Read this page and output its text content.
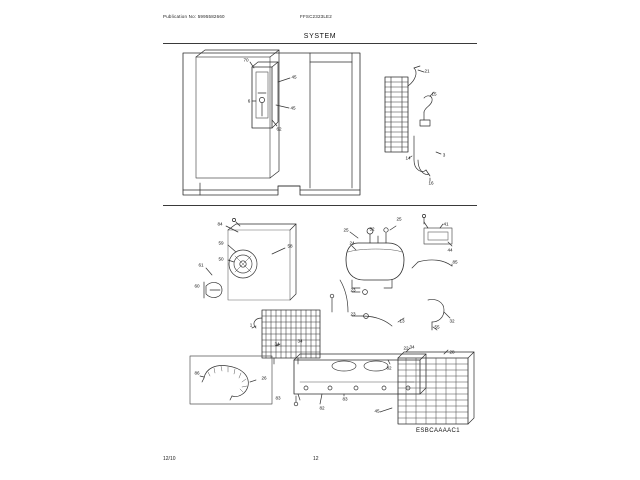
Publication No: 5995582660	FFSC2323LE2
SYSTEM
70
45
6
45
62
21
15
3
14
16
84
59
58
50
61
60
25
41
25	52
24
44
85
23
23
13
55
32
1
34
34
34
22
28
82
86
26
83
82
83
45
ESBCAAAAC1
12/10	12
